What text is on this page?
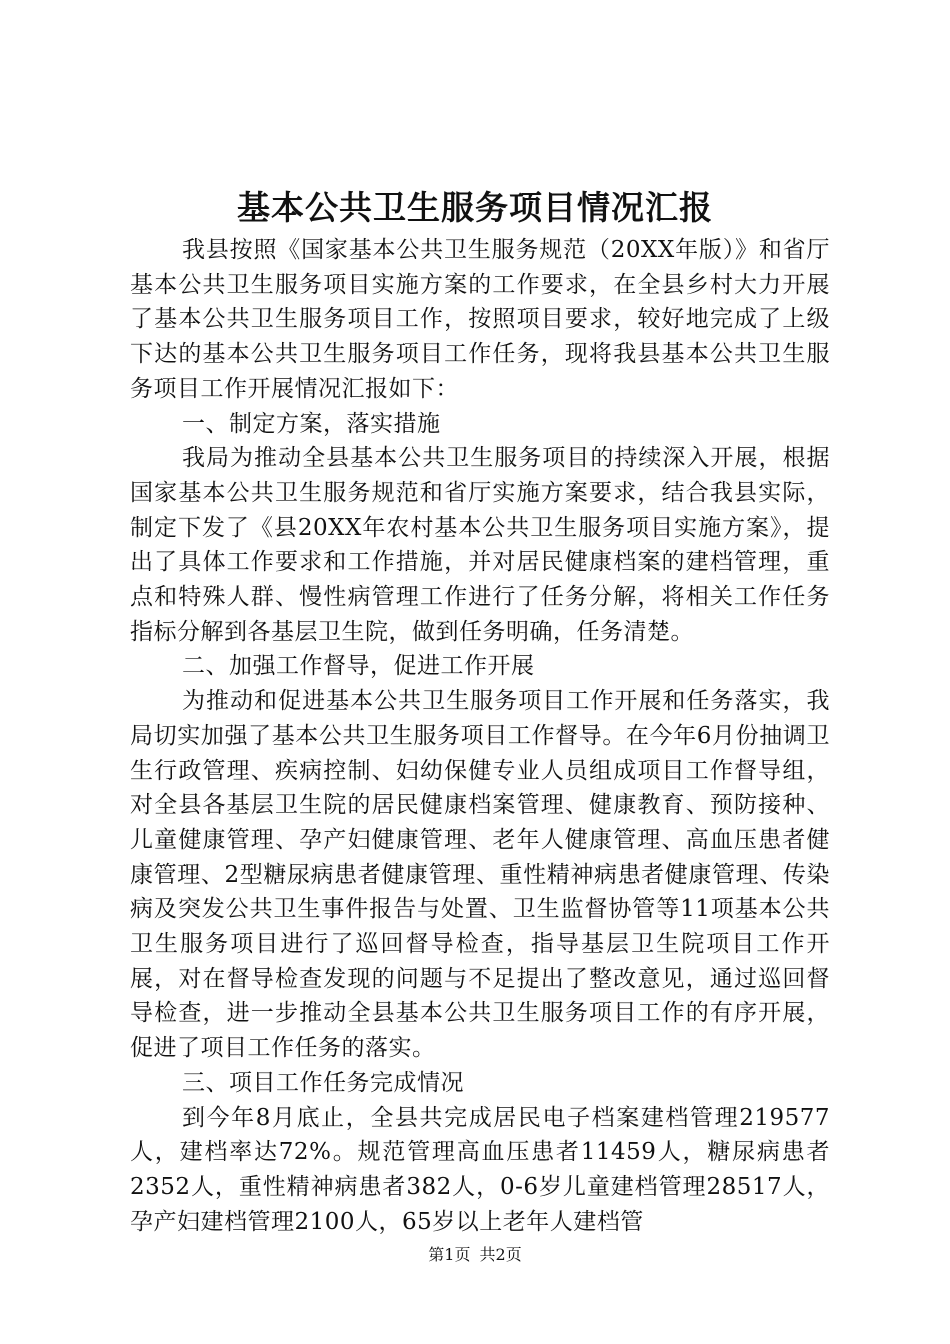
基本公共卫生服务项目情况汇报

我县按照《国家基本公共卫生服务规范（20XX年版）》和省厅基本公共卫生服务项目实施方案的工作要求，在全县乡村大力开展了基本公共卫生服务项目工作，按照项目要求，较好地完成了上级下达的基本公共卫生服务项目工作任务，现将我县基本公共卫生服务项目工作开展情况汇报如下：

一、制定方案，落实措施

我局为推动全县基本公共卫生服务项目的持续深入开展，根据国家基本公共卫生服务规范和省厅实施方案要求，结合我县实际，制定下发了《县20XX年农村基本公共卫生服务项目实施方案》，提出了具体工作要求和工作措施，并对居民健康档案的建档管理，重点和特殊人群、慢性病管理工作进行了任务分解，将相关工作任务指标分解到各基层卫生院，做到任务明确，任务清楚。

二、加强工作督导，促进工作开展

为推动和促进基本公共卫生服务项目工作开展和任务落实，我局切实加强了基本公共卫生服务项目工作督导。在今年6月份抽调卫生行政管理、疾病控制、妇幼保健专业人员组成项目工作督导组，对全县各基层卫生院的居民健康档案管理、健康教育、预防接种、儿童健康管理、孕产妇健康管理、老年人健康管理、高血压患者健康管理、2型糖尿病患者健康管理、重性精神病患者健康管理、传染病及突发公共卫生事件报告与处置、卫生监督协管等11项基本公共卫生服务项目进行了巡回督导检查，指导基层卫生院项目工作开展，对在督导检查发现的问题与不足提出了整改意见，通过巡回督导检查，进一步推动全县基本公共卫生服务项目工作的有序开展，促进了项目工作任务的落实。

三、项目工作任务完成情况

到今年8月底止，全县共完成居民电子档案建档管理219577人，建档率达72%。规范管理高血压患者11459人，糖尿病患者2352人，重性精神病患者382人，0-6岁儿童建档管理28517人，孕产妇建档管理2100人，65岁以上老年人建档管

第1页 共2页
